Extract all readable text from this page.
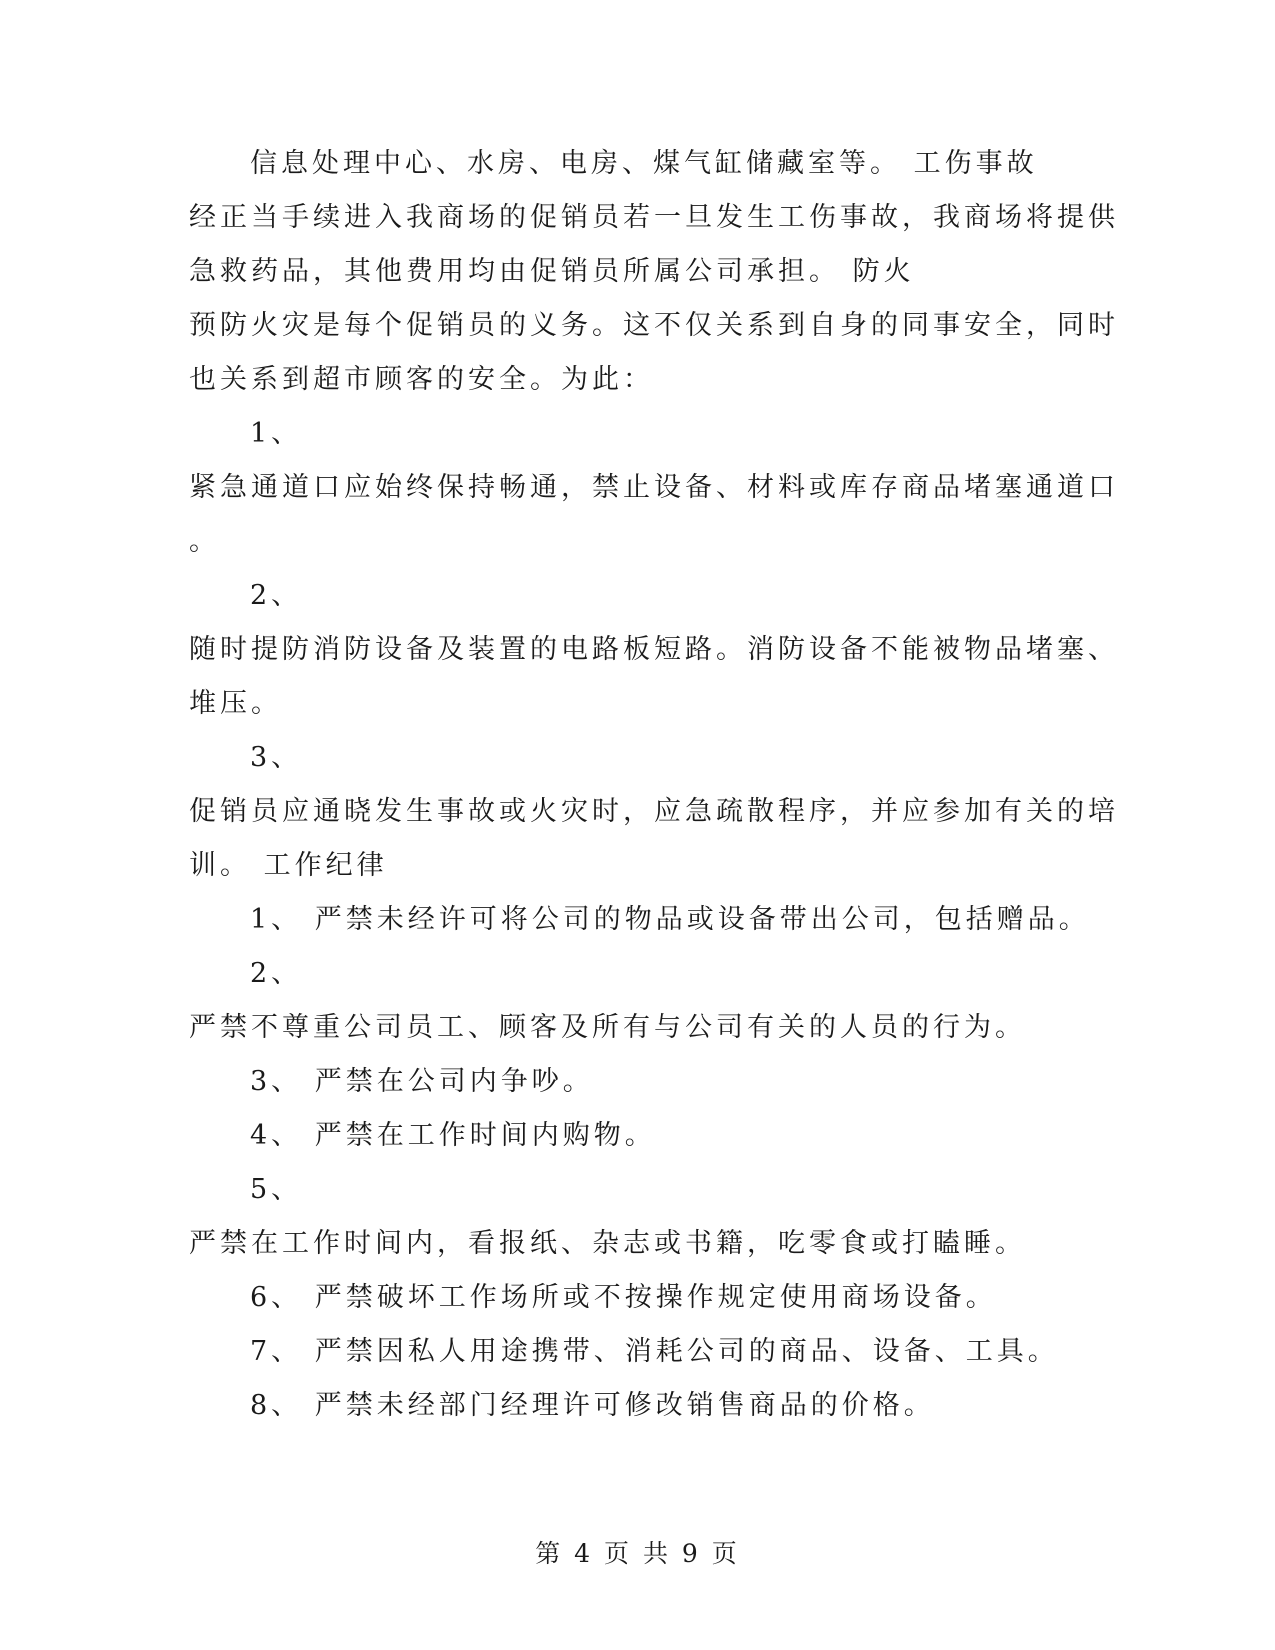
信息处理中心、水房、电房、煤气缸储藏室等。 工伤事故
经正当手续进入我商场的促销员若一旦发生工伤事故，我商场将提供
急救药品，其他费用均由促销员所属公司承担。 防火
预防火灾是每个促销员的义务。这不仅关系到自身的同事安全，同时
也关系到超市顾客的安全。为此：
1、
紧急通道口应始终保持畅通，禁止设备、材料或库存商品堵塞通道口
。
2、
随时提防消防设备及装置的电路板短路。消防设备不能被物品堵塞、
堆压。
3、
促销员应通晓发生事故或火灾时，应急疏散程序，并应参加有关的培
训。 工作纪律
1、 严禁未经许可将公司的物品或设备带出公司，包括赠品。
2、
严禁不尊重公司员工、顾客及所有与公司有关的人员的行为。
3、 严禁在公司内争吵。
4、 严禁在工作时间内购物。
5、
严禁在工作时间内，看报纸、杂志或书籍，吃零食或打瞌睡。
6、 严禁破坏工作场所或不按操作规定使用商场设备。
7、 严禁因私人用途携带、消耗公司的商品、设备、工具。
8、 严禁未经部门经理许可修改销售商品的价格。
第 4 页 共 9 页
